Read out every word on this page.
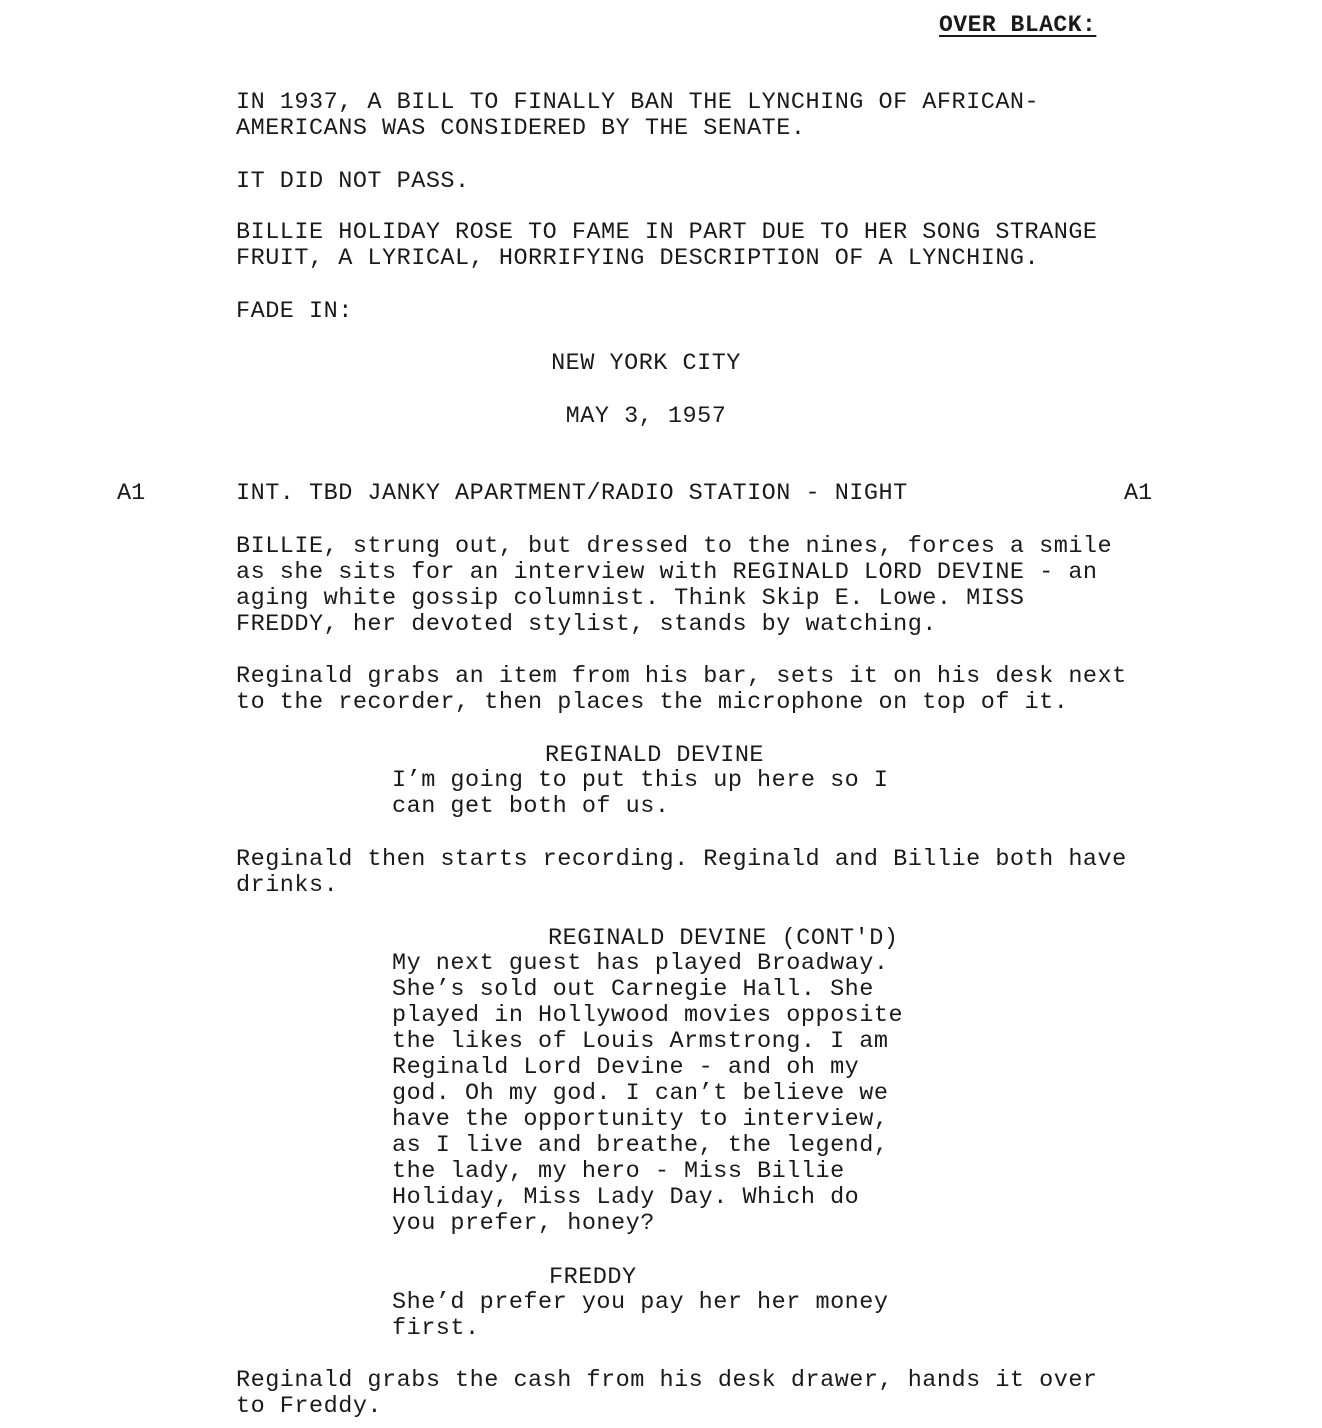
OVER BLACK:
IN 1937, A BILL TO FINALLY BAN THE LYNCHING OF AFRICAN-
AMERICANS WAS CONSIDERED BY THE SENATE.
IT DID NOT PASS.
BILLIE HOLIDAY ROSE TO FAME IN PART DUE TO HER SONG STRANGE
FRUIT, A LYRICAL, HORRIFYING DESCRIPTION OF A LYNCHING.
FADE IN:
NEW YORK CITY
MAY 3, 1957
A1	INT. TBD JANKY APARTMENT/RADIO STATION - NIGHT	A1
BILLIE, strung out, but dressed to the nines, forces a smile
as she sits for an interview with REGINALD LORD DEVINE - an
aging white gossip columnist. Think Skip E. Lowe. MISS
FREDDY, her devoted stylist, stands by watching.
Reginald grabs an item from his bar, sets it on his desk next
to the recorder, then places the microphone on top of it.
REGINALD DEVINE
I’m going to put this up here so I
can get both of us.
Reginald then starts recording. Reginald and Billie both have
drinks.
REGINALD DEVINE (CONT'D)
My next guest has played Broadway.
She’s sold out Carnegie Hall. She
played in Hollywood movies opposite
the likes of Louis Armstrong. I am
Reginald Lord Devine - and oh my
god. Oh my god. I can’t believe we
have the opportunity to interview,
as I live and breathe, the legend,
the lady, my hero - Miss Billie
Holiday, Miss Lady Day. Which do
you prefer, honey?
FREDDY
She’d prefer you pay her her money
first.
Reginald grabs the cash from his desk drawer, hands it over
to Freddy.
